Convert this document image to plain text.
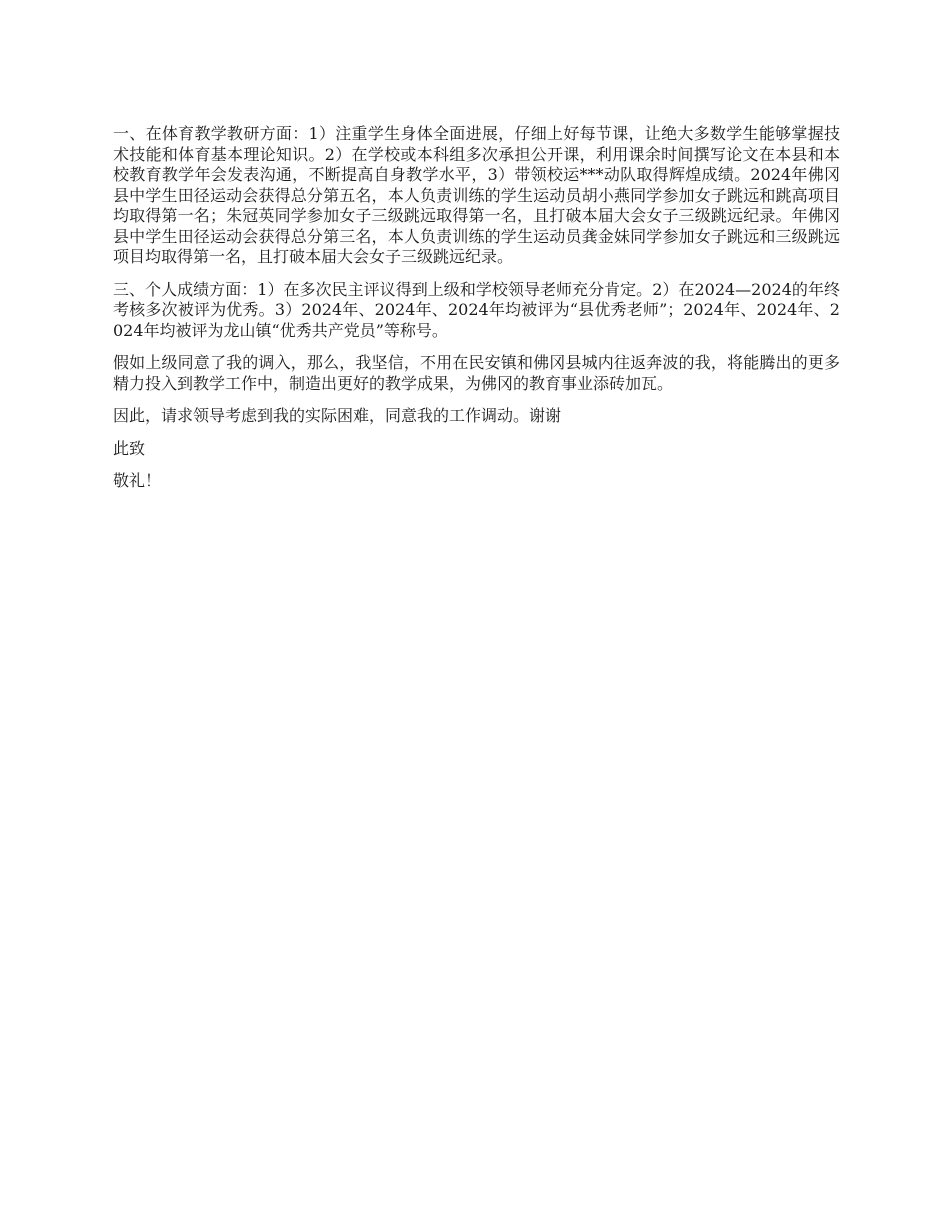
一、在体育教学教研方面：1）注重学生身体全面进展，仔细上好每节课，让绝大多数学生能够掌握技术技能和体育基本理论知识。2）在学校或本科组多次承担公开课，利用课余时间撰写论文在本县和本校教育教学年会发表沟通，不断提高自身教学水平，3）带领校运***动队取得辉煌成绩。2024年佛冈县中学生田径运动会获得总分第五名，本人负责训练的学生运动员胡小燕同学参加女子跳远和跳高项目均取得第一名；朱冠英同学参加女子三级跳远取得第一名，且打破本届大会女子三级跳远纪录。年佛冈县中学生田径运动会获得总分第三名，本人负责训练的学生运动员龚金妹同学参加女子跳远和三级跳远项目均取得第一名，且打破本届大会女子三级跳远纪录。

三、个人成绩方面：1）在多次民主评议得到上级和学校领导老师充分肯定。2）在2024—2024的年终考核多次被评为优秀。3）2024年、2024年、2024年均被评为“县优秀老师”；2024年、2024年、2024年均被评为龙山镇“优秀共产党员”等称号。

假如上级同意了我的调入，那么，我坚信，不用在民安镇和佛冈县城内往返奔波的我，将能腾出的更多精力投入到教学工作中，制造出更好的教学成果，为佛冈的教育事业添砖加瓦。

因此，请求领导考虑到我的实际困难，同意我的工作调动。谢谢

此致

敬礼！
